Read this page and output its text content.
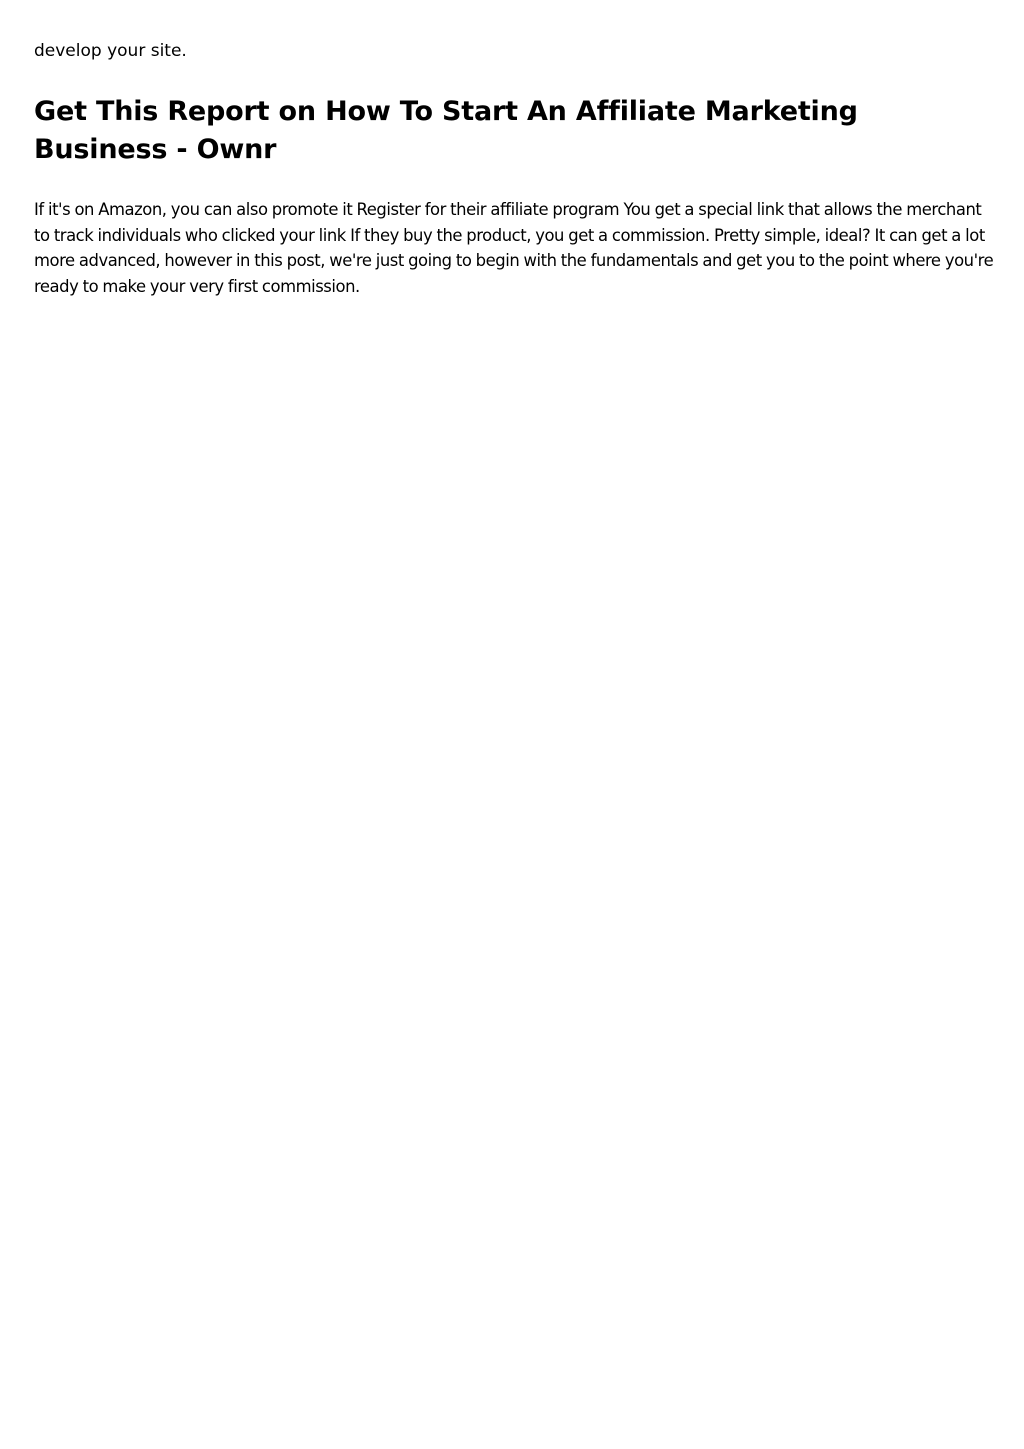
develop your site.

Get This Report on How To Start An Affiliate Marketing Business - Ownr

If it's on Amazon, you can also promote it Register for their affiliate program You get a special link that allows the merchant to track individuals who clicked your link If they buy the product, you get a commission. Pretty simple, ideal? It can get a lot more advanced, however in this post, we're just going to begin with the fundamentals and get you to the point where you're ready to make your very first commission.
